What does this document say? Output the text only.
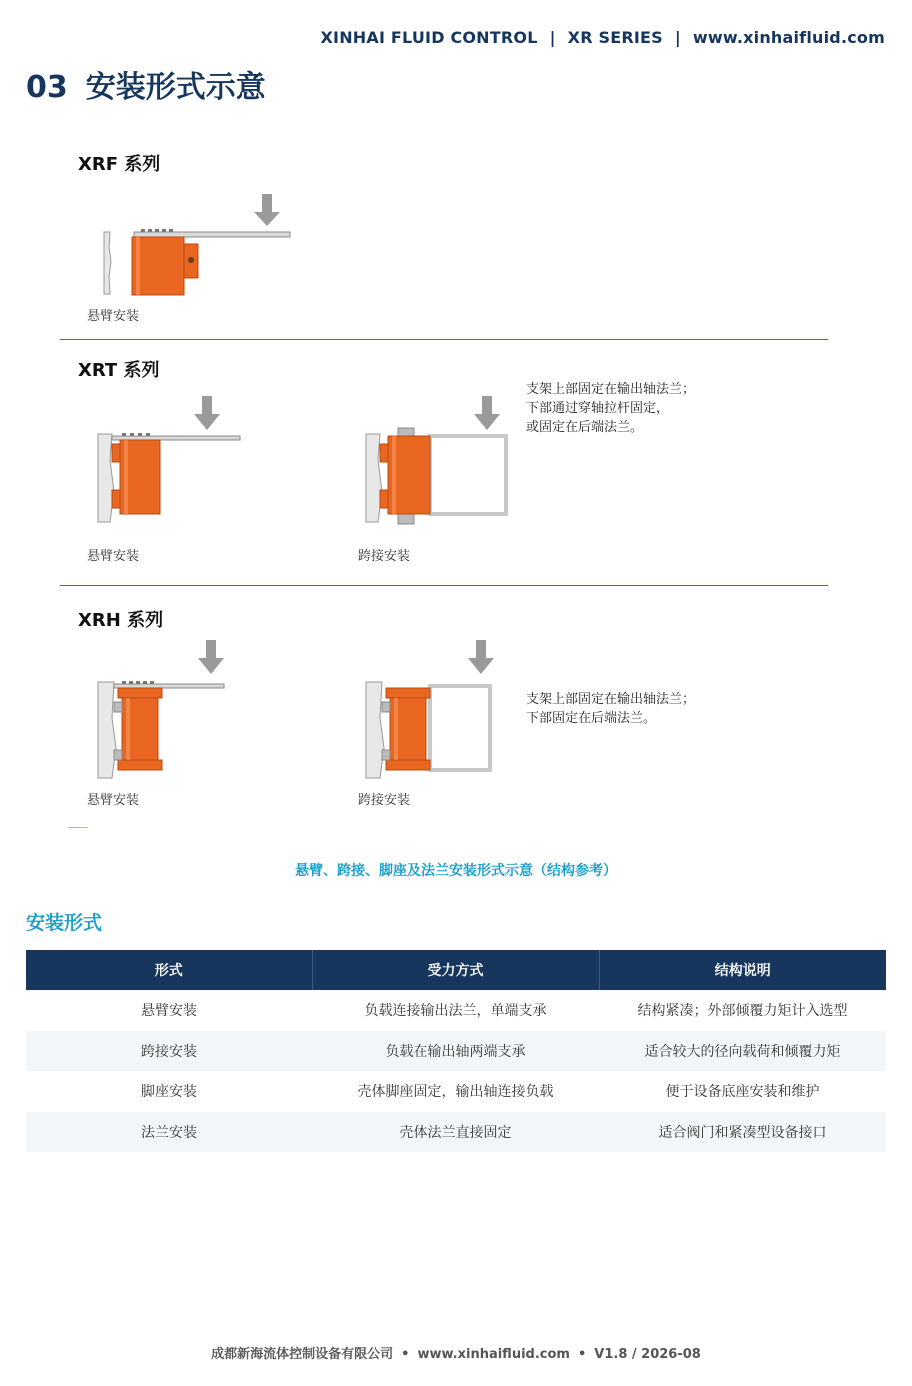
XINHAI FLUID CONTROL | XR SERIES | www.xinhaifluid.com
03 安装形式示意
XRF 系列
悬臂安装
XRT 系列
悬臂安装	跨接安装
支架上部固定在输出轴法兰；
下部通过穿轴拉杆固定，
或固定在后端法兰。
XRH 系列
悬臂安装	跨接安装
支架上部固定在输出轴法兰；
下部固定在后端法兰。
悬臂、跨接、脚座及法兰安装形式示意（结构参考）
安装形式
形式	受力方式	结构说明
悬臂安装	负载连接输出法兰，单端支承	结构紧凑；外部倾覆力矩计入选型
跨接安装	负载在输出轴两端支承	适合较大的径向载荷和倾覆力矩
脚座安装	壳体脚座固定，输出轴连接负载	便于设备底座安装和维护
法兰安装	壳体法兰直接固定	适合阀门和紧凑型设备接口
成都新海流体控制设备有限公司 • www.xinhaifluid.com • V1.8 / 2026-08
